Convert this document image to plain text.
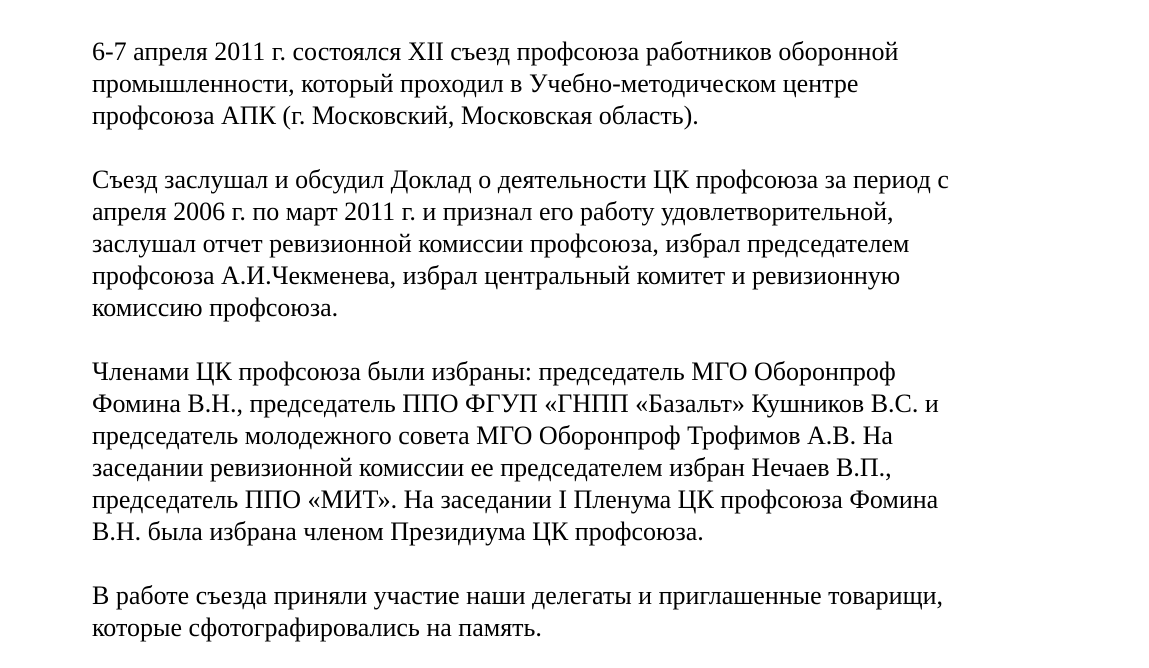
6-7 апреля 2011 г. состоялся XII съезд профсоюза работников оборонной
промышленности, который проходил в Учебно-методическом центре
профсоюза АПК (г. Московский, Московская область).

Съезд заслушал и обсудил Доклад о деятельности ЦК профсоюза за период с
апреля 2006 г. по март 2011 г. и признал его работу удовлетворительной,
заслушал отчет ревизионной комиссии профсоюза, избрал председателем
профсоюза А.И.Чекменева, избрал центральный комитет и ревизионную
комиссию профсоюза.

Членами ЦК профсоюза были избраны: председатель МГО Оборонпроф
Фомина В.Н., председатель ППО ФГУП «ГНПП «Базальт» Кушников В.С. и
председатель молодежного совета МГО Оборонпроф Трофимов А.В. На
заседании ревизионной комиссии ее председателем избран Нечаев В.П.,
председатель ППО «МИТ». На заседании I Пленума ЦК профсоюза Фомина
В.Н. была избрана членом Президиума ЦК профсоюза.

В работе съезда приняли участие наши делегаты и приглашенные товарищи,
которые сфотографировались на память.
